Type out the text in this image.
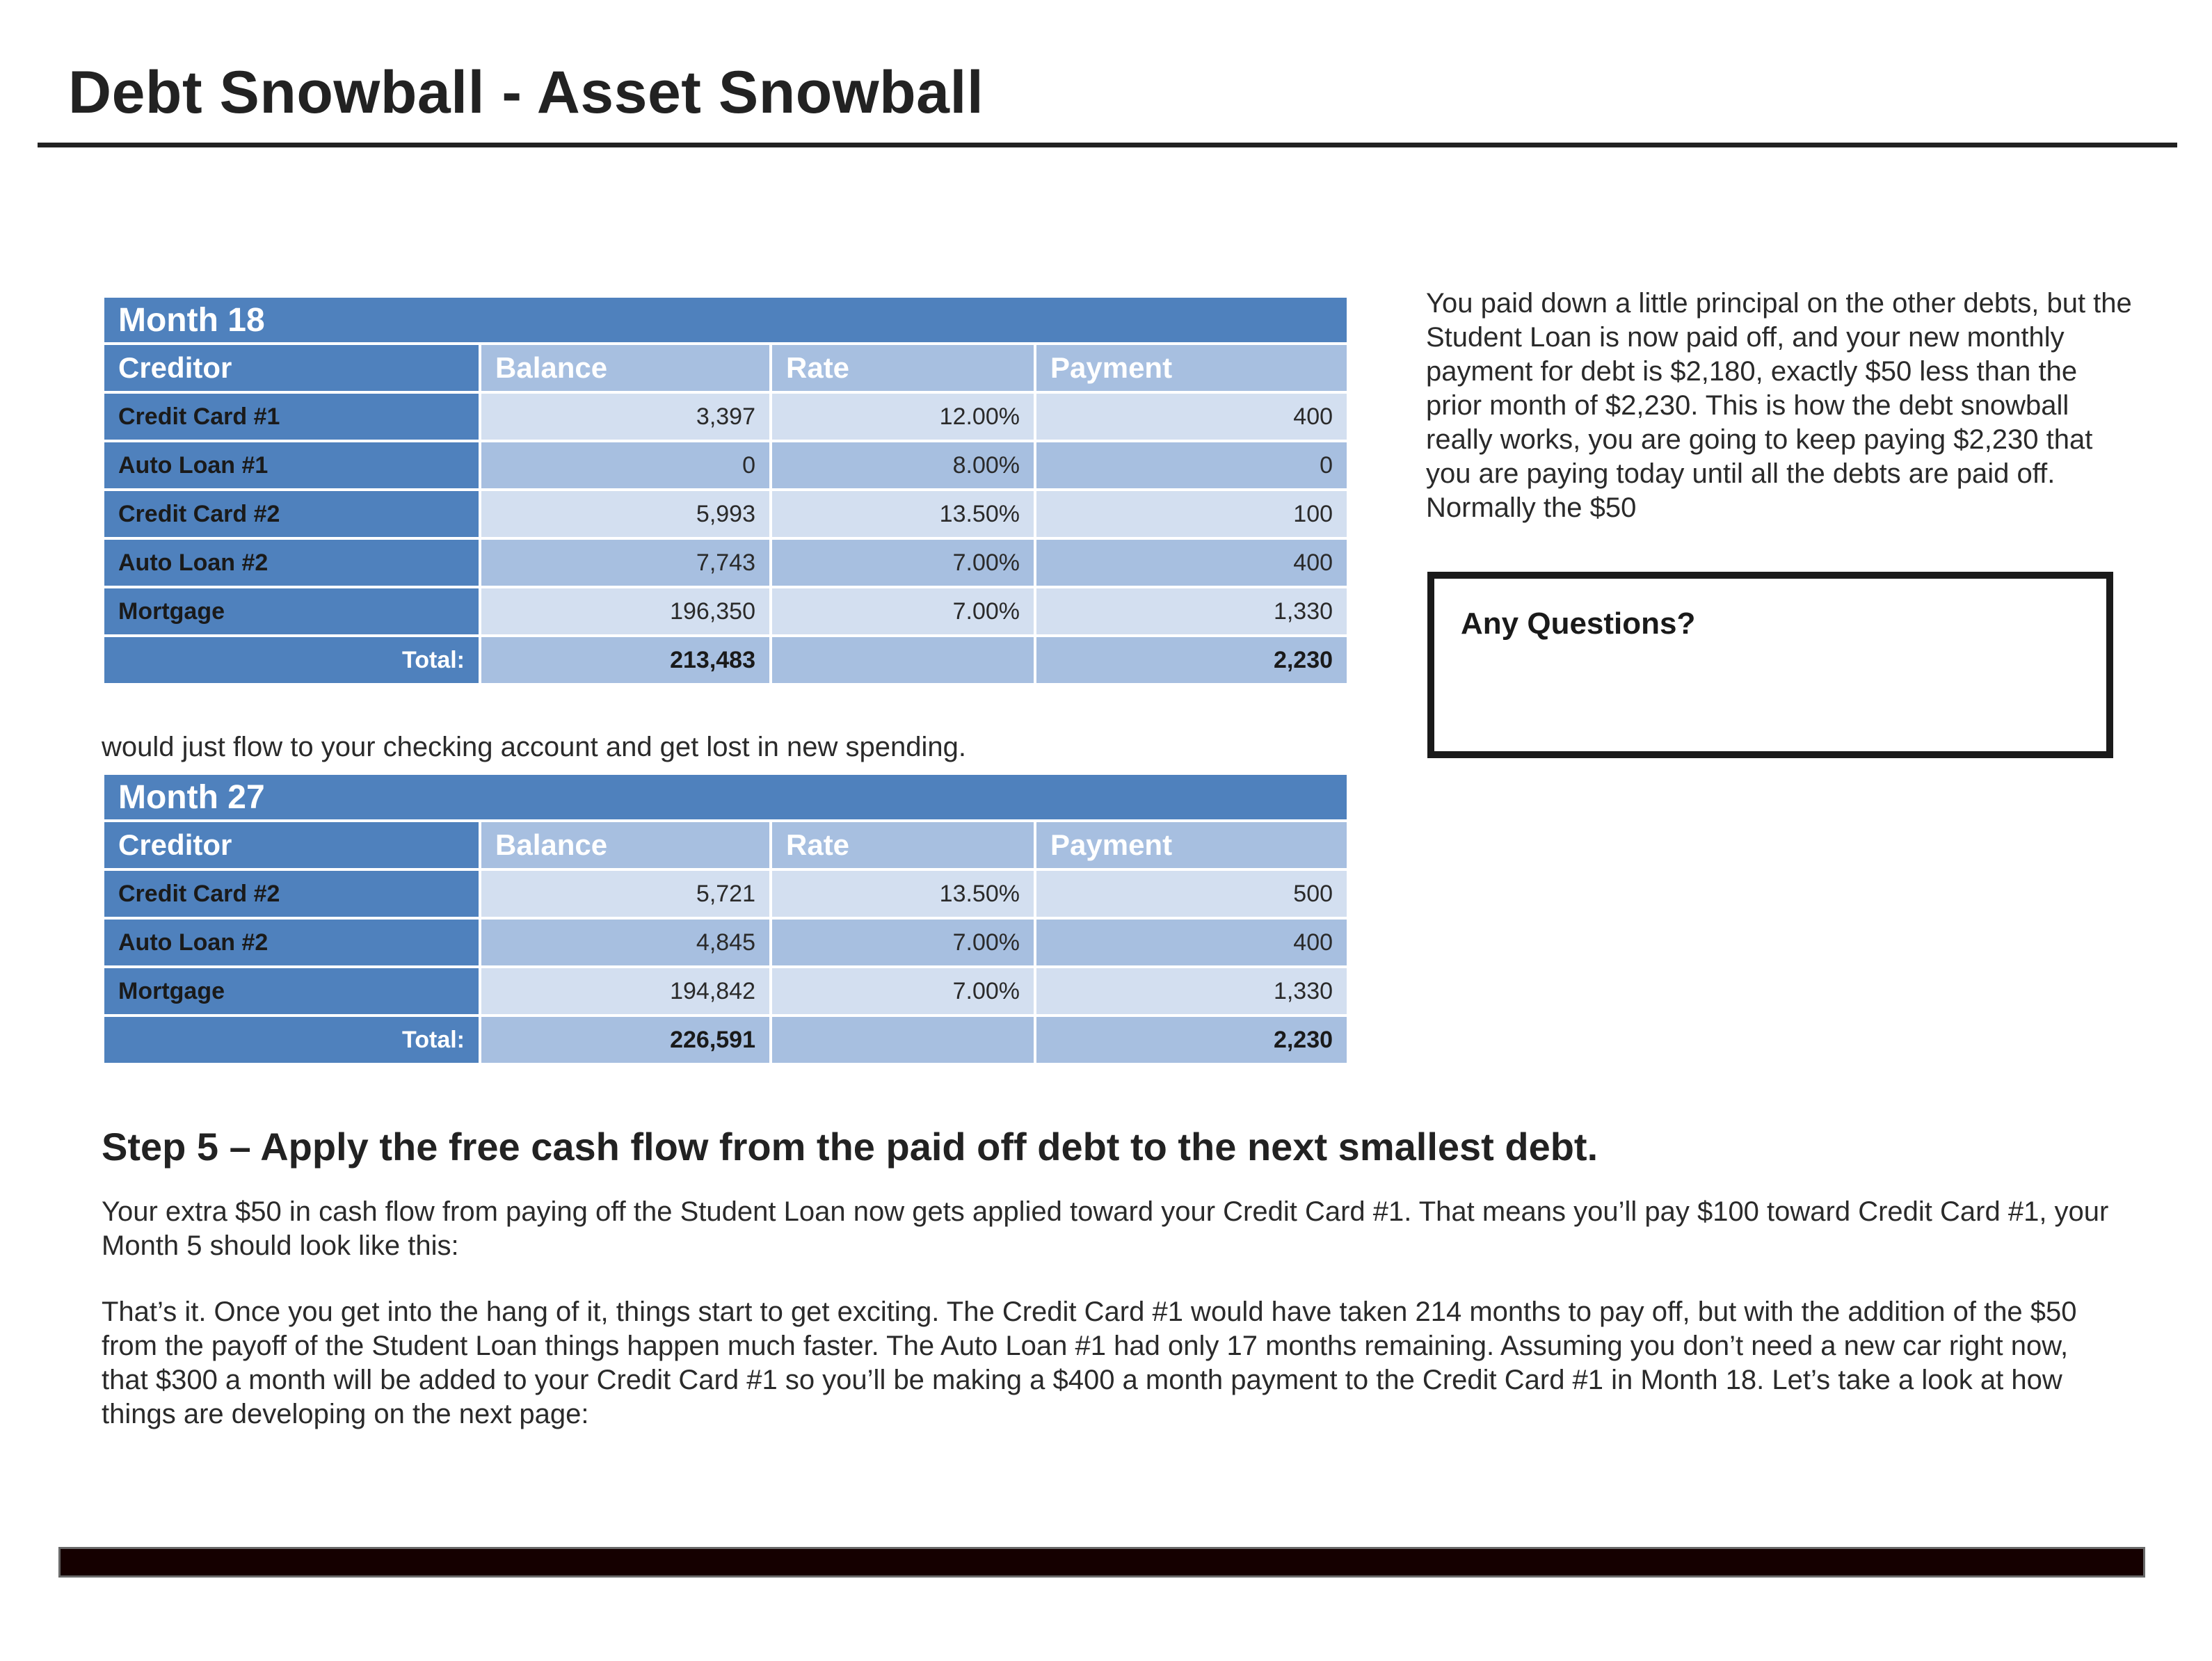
Debt Snowball - Asset Snowball
Month 18			
Creditor	Balance	Rate	Payment
Credit Card #1	3,397	12.00%	400
Auto Loan #1	0	8.00%	0
Credit Card #2	5,993	13.50%	100
Auto Loan #2	7,743	7.00%	400
Mortgage	196,350	7.00%	1,330
Total:	213,483		2,230
You paid down a little principal on the other debts, but the Student Loan is now paid off, and your new monthly payment for debt is $2,180, exactly $50 less than the prior month of $2,230. This is how the debt snowball really works, you are going to keep paying $2,230 that you are paying today until all the debts are paid off. Normally the $50
Any Questions?
would just flow to your checking account and get lost in new spending.
Month 27			
Creditor	Balance	Rate	Payment
Credit Card #2	5,721	13.50%	500
Auto Loan #2	4,845	7.00%	400
Mortgage	194,842	7.00%	1,330
Total:	226,591		2,230
Step 5 – Apply the free cash flow from the paid off debt to the next smallest debt.

Your extra $50 in cash flow from paying off the Student Loan now gets applied toward your Credit Card #1. That means you’ll pay $100 toward Credit Card #1, your Month 5 should look like this:

That’s it. Once you get into the hang of it, things start to get exciting. The Credit Card #1 would have taken 214 months to pay off, but with the addition of the $50 from the payoff of the Student Loan things happen much faster. The Auto Loan #1 had only 17 months remaining. Assuming you don’t need a new car right now, that $300 a month will be added to your Credit Card #1 so you’ll be making a $400 a month payment to the Credit Card #1 in Month 18. Let’s take a look at how things are developing on the next page:
